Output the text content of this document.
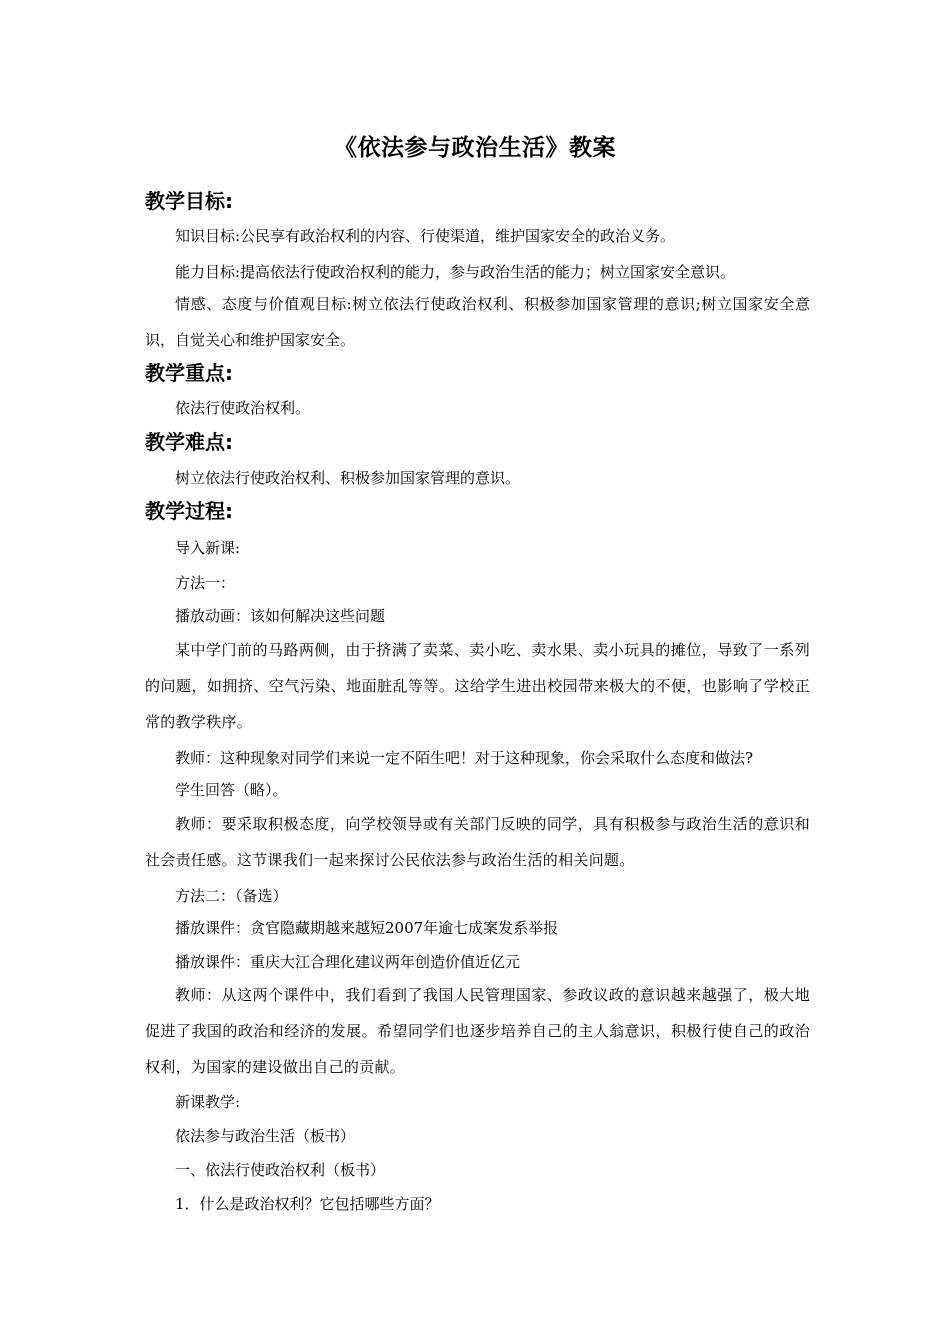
《依法参与政治生活》教案
教学目标:
知识目标:公民享有政治权利的内容、行使渠道，维护国家安全的政治义务。
能力目标:提高依法行使政治权利的能力，参与政治生活的能力；树立国家安全意识。
情感、态度与价值观目标:树立依法行使政治权利、积极参加国家管理的意识;树立国家安全意识，自觉关心和维护国家安全。
教学重点:
依法行使政治权利。
教学难点:
树立依法行使政治权利、积极参加国家管理的意识。
教学过程:
导入新课:
方法一：
播放动画：该如何解决这些问题
某中学门前的马路两侧，由于挤满了卖菜、卖小吃、卖水果、卖小玩具的摊位，导致了一系列的问题，如拥挤、空气污染、地面脏乱等等。这给学生进出校园带来极大的不便，也影响了学校正常的教学秩序。
教师：这种现象对同学们来说一定不陌生吧！对于这种现象，你会采取什么态度和做法?
学生回答（略）。
教师：要采取积极态度，向学校领导或有关部门反映的同学，具有积极参与政治生活的意识和社会责任感。这节课我们一起来探讨公民依法参与政治生活的相关问题。
方法二：（备选）
播放课件：贪官隐藏期越来越短2007年逾七成案发系举报
播放课件：重庆大江合理化建议两年创造价值近亿元
教师：从这两个课件中，我们看到了我国人民管理国家、参政议政的意识越来越强了，极大地促进了我国的政治和经济的发展。希望同学们也逐步培养自己的主人翁意识，积极行使自己的政治权利，为国家的建设做出自己的贡献。
新课教学:
依法参与政治生活（板书）
一、依法行使政治权利（板书）
1．什么是政治权利？它包括哪些方面？
